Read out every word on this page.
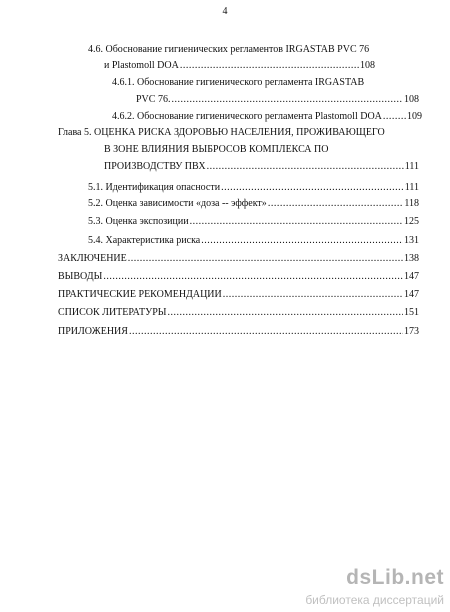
4
4.6. Обоснование гигиенических регламентов IRGASTAB PVC 76
и Plastomoll DOA .....	108
4.6.1. Обоснование гигиенического регламента IRGASTAB
PVC 76. .....	108
4.6.2. Обоснование гигиенического регламента Plastomoll DOA .....	109
Глава 5. ОЦЕНКА РИСКА ЗДОРОВЬЮ НАСЕЛЕНИЯ, ПРОЖИВАЮЩЕГО
В ЗОНЕ ВЛИЯНИЯ ВЫБРОСОВ КОМПЛЕКСА ПО
ПРОИЗВОДСТВУ ПВХ .....	111
5.1. Идентификация опасности .....	111
5.2. Оценка зависимости «доза -- эффект» .....	118
5.3. Оценка экспозиции .....	125
5.4. Характеристика риска .....	131
ЗАКЛЮЧЕНИЕ .....	138
ВЫВОДЫ .....	147
ПРАКТИЧЕСКИЕ РЕКОМЕНДАЦИИ .....	147
СПИСОК ЛИТЕРАТУРЫ .....	151
ПРИЛОЖЕНИЯ .....	173
dsLib.net
библиотека диссертаций
